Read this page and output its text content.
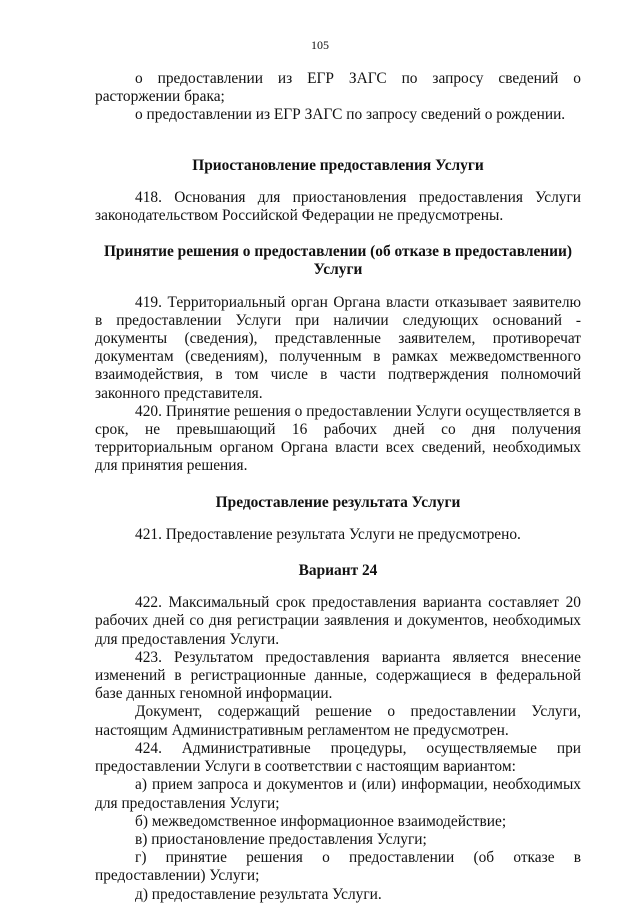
105

о предоставлении из ЕГР ЗАГС по запросу сведений о расторжении брака;

о предоставлении из ЕГР ЗАГС по запросу сведений о рождении.

Приостановление предоставления Услуги

418. Основания для приостановления предоставления Услуги законодательством Российской Федерации не предусмотрены.

Принятие решения о предоставлении (об отказе в предоставлении) Услуги

419. Территориальный орган Органа власти отказывает заявителю в предоставлении Услуги при наличии следующих оснований - документы (сведения), представленные заявителем, противоречат документам (сведениям), полученным в рамках межведомственного взаимодействия, в том числе в части подтверждения полномочий законного представителя.

420. Принятие решения о предоставлении Услуги осуществляется в срок, не превышающий 16 рабочих дней со дня получения территориальным органом Органа власти всех сведений, необходимых для принятия решения.

Предоставление результата Услуги

421. Предоставление результата Услуги не предусмотрено.

Вариант 24

422. Максимальный срок предоставления варианта составляет 20 рабочих дней со дня регистрации заявления и документов, необходимых для предоставления Услуги.

423. Результатом предоставления варианта является внесение изменений в регистрационные данные, содержащиеся в федеральной базе данных геномной информации.

Документ, содержащий решение о предоставлении Услуги, настоящим Административным регламентом не предусмотрен.

424. Административные процедуры, осуществляемые при предоставлении Услуги в соответствии с настоящим вариантом:

а) прием запроса и документов и (или) информации, необходимых для предоставления Услуги;

б) межведомственное информационное взаимодействие;

в) приостановление предоставления Услуги;

г) принятие решения о предоставлении (об отказе в предоставлении) Услуги;

д) предоставление результата Услуги.
